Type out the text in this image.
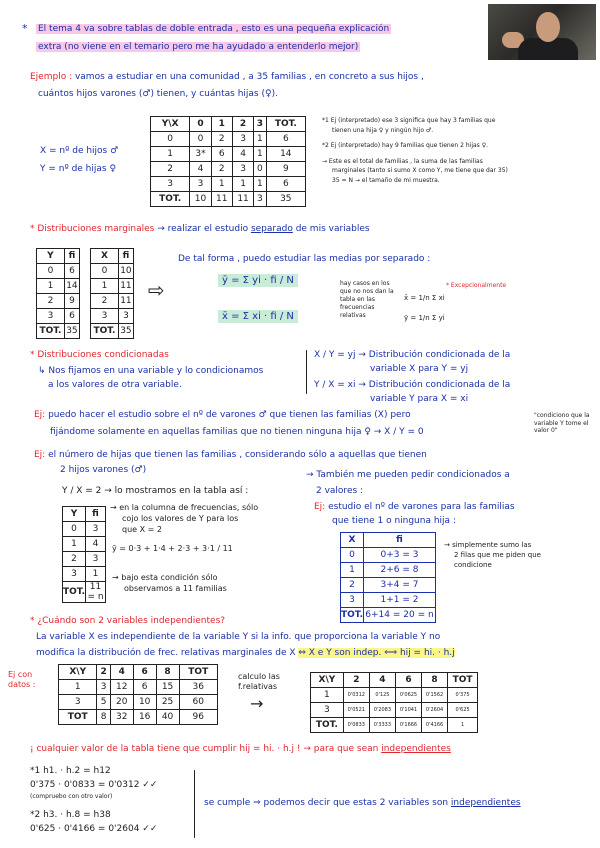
* El tema 4 va sobre tablas de doble entrada , esto es una pequeña explicación
extra (no viene en el temario pero me ha ayudado a entenderlo mejor)
Ejemplo : vamos a estudiar en una comunidad , a 35 familias , en concreto a sus hijos ,
cuántos hijos varones (♂) tienen, y cuántas hijas (♀).
X = nº de hijos ♂
Y = nº de hijas ♀
Y\X	0	1	2	3	TOT.
0	0	2	3	1	6
1	3*	6	4	1	14
2	4	2	3	0	9
3	3	1	1	1	6
TOT.	10	11	11	3	35
*1 Ej (interpretado) ese 3 significa que hay 3 familias que
tienen una hija ♀ y ningún hijo ♂.
*2 Ej (interpretado) hay 9 familias que tienen 2 hijas ♀.
→ Este es el total de familias , la suma de las familias
marginales (tanto si sumo X como Y, me tiene que dar 35)
35 = N → el tamaño de mi muestra.
* Distribuciones marginales → realizar el estudio separado de mis variables
Y	fi
0	6
1	14
2	9
3	6
TOT.	35
X	fi
0	10
1	11
2	11
3	3
TOT.	35
⇨
De tal forma , puedo estudiar las medias por separado :
ȳ = Σ yi · fi / N
x̄ = Σ xi · fi / N
hay casos en los que no nos dan la tabla en las frecuencias relativas
* Excepcionalmente
x̄ = 1/n Σ xi
ȳ = 1/n Σ yi
* Distribuciones condicionadas
↳ Nos fijamos en una variable y lo condicionamos
a los valores de otra variable.
X / Y = yj → Distribución condicionada de la
variable X para Y = yj
Y / X = xi → Distribución condicionada de la
variable Y para X = xi
Ej: puedo hacer el estudio sobre el nº de varones ♂ que tienen las familias (X) pero
fijándome solamente en aquellas familias que no tienen ninguna hija ♀ → X / Y = 0
"condiciono que la variable Y tome el valor 0"
Ej: el número de hijas que tienen las familias , considerando sólo a aquellas que tienen
2 hijos varones (♂)
Y / X = 2 → lo mostramos en la tabla así :
Y	fi
0	3
1	4
2	3
3	1
TOT.	11 = n
→ en la columna de frecuencias, sólo
cojo los valores de Y para los
que X = 2
ȳ = 0·3 + 1·4 + 2·3 + 3·1 / 11
→ bajo esta condición sólo
observamos a 11 familias
→ También me pueden pedir condicionados a
2 valores :
Ej: estudio el nº de varones para las familias
que tiene 1 o ninguna hija :
X	fi
0	0+3 = 3
1	2+6 = 8
2	3+4 = 7
3	1+1 = 2
TOT.	6+14 = 20 = n
→ simplemente sumo las
2 filas que me piden que
condicione
* ¿Cuándo son 2 variables independientes?
La variable X es independiente de la variable Y si la info. que proporciona la variable Y no
modifica la distribución de frec. relativas marginales de X ⇔ X e Y son indep. ⟺ hij = hi. · h.j
Ej con datos :
X\Y	2	4	6	8	TOT
1	3	12	6	15	36
3	5	20	10	25	60
TOT	8	32	16	40	96
calculo las
f.relativas
→
X\Y	2	4	6	8	TOT
1	0'0312	0'125	0'0625	0'1562	0'375
3	0'0521	0'2083	0'1041	0'2604	0'625
TOT.	0'0833	0'3333	0'1666	0'4166	1
¡ cualquier valor de la tabla tiene que cumplir hij = hi. · h.j ! → para que sean independientes
*1 h1. · h.2 = h12
0'375 · 0'0833 = 0'0312 ✓✓
(compruebo con otro valor)
*2 h3. · h.8 = h38
0'625 · 0'4166 = 0'2604 ✓✓
se cumple ⇒ podemos decir que estas 2 variables son independientes
